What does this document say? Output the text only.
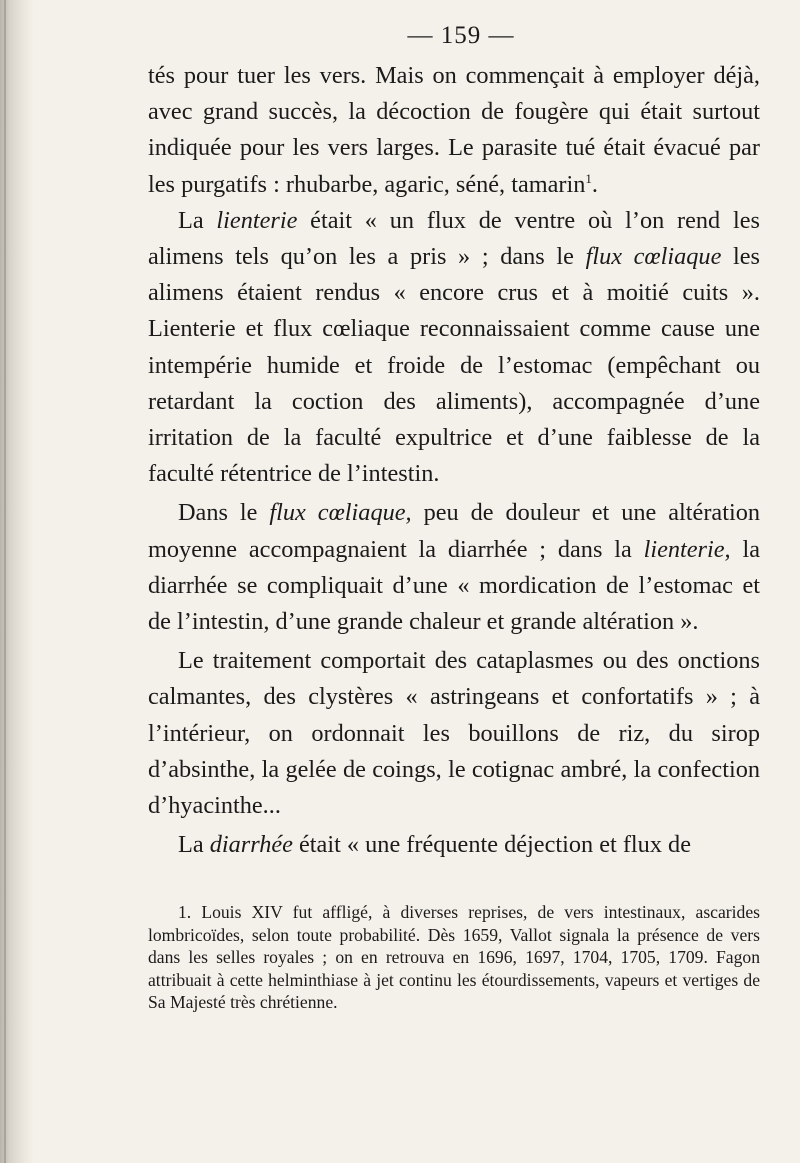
— 159 —

tés pour tuer les vers. Mais on commençait à employer déjà, avec grand succès, la décoction de fougère qui était surtout indiquée pour les vers larges. Le parasite tué était évacué par les purgatifs : rhubarbe, agaric, séné, tamarin$^1$.

La lienterie était « un flux de ventre où l’on rend les alimens tels qu’on les a pris » ; dans le flux cœliaque les alimens étaient rendus « encore crus et à moitié cuits ». Lienterie et flux cœliaque reconnaissaient comme cause une intempérie humide et froide de l’estomac (empêchant ou retardant la coction des aliments), accompagnée d’une irritation de la faculté expultrice et d’une faiblesse de la faculté rétentrice de l’intestin.

Dans le flux cœliaque, peu de douleur et une altération moyenne accompagnaient la diarrhée ; dans la lienterie, la diarrhée se compliquait d’une « mordication de l’estomac et de l’intestin, d’une grande chaleur et grande altération ».

Le traitement comportait des cataplasmes ou des onctions calmantes, des clystères « astringeans et confortatifs » ; à l’intérieur, on ordonnait les bouillons de riz, du sirop d’absinthe, la gelée de coings, le cotignac ambré, la confection d’hyacinthe...

La diarrhée était « une fréquente déjection et flux de

1. Louis XIV fut affligé, à diverses reprises, de vers intestinaux, ascarides lombricoïdes, selon toute probabilité. Dès 1659, Vallot signala la présence de vers dans les selles royales ; on en retrouva en 1696, 1697, 1704, 1705, 1709. Fagon attribuait à cette helminthiase à jet continu les étourdissements, vapeurs et vertiges de Sa Majesté très chrétienne.
